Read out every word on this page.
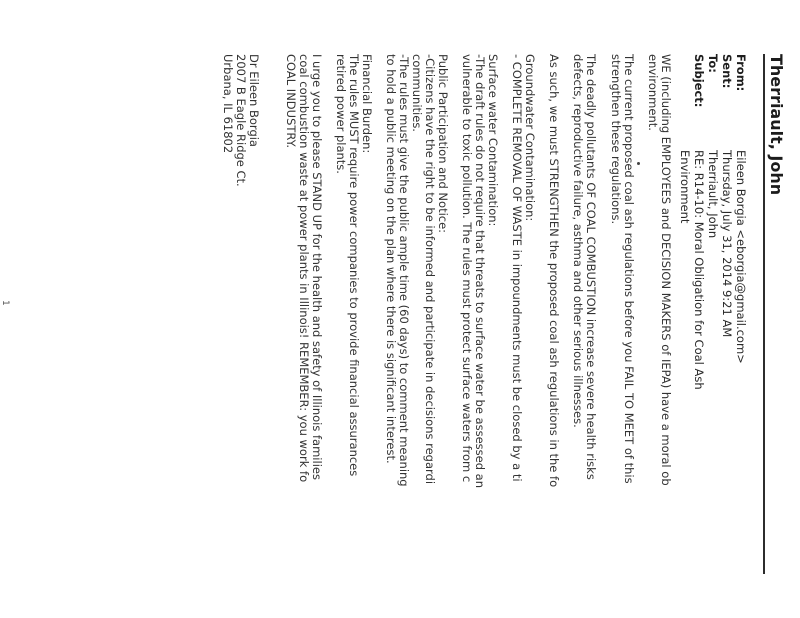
Therriault, John
From:
Eileen Borgia <eborgia@gmail.com>
Sent:
Thursday, July 31, 2014 9:21 AM
To:
Therriault, John
Subject:
RE: R14-10: Moral Obligation for Coal Ash
Environment

WE (including EMPLOYEES and DECISION MAKERS of IEPA) have a moral ob

environment.

The current proposed coal ash regulations before you FAIL TO MEET of this

strengthen these regulations.

The deadly pollutants OF COAL COMBUSTION increase severe health risks

defects, reproductive failure, asthma and other serious illnesses.

As such, we must STRENGTHEN the proposed coal ash regulations in the fo

Groundwater Contamination:

- COMPLETE REMOVAL OF WASTE in impoundments must be closed by a ti

Surface water Contamination:

-The draft rules do not require that threats to surface water be assessed an

vulnerable to toxic pollution. The rules must protect surface waters from c

Public Participation and Notice:

-Citizens have the right to be informed and participate in decisions regardi

communities.

-The rules must give the public ample time (60 days) to comment meaning

to hold a public meeting on the plan where there is significant interest.

Financial Burden:

The rules MUST require power companies to provide financial assurances

retired power plants.

I urge you to please STAND UP for the health and safety of Illinois families

coal combustion waste at power plants in Illinois! REMEMBER: you work fo

COAL INDUSTRY.

Dr Eileen Borgia

2007 B Eagle Ridge Ct.

Urbana, IL 61802

1
